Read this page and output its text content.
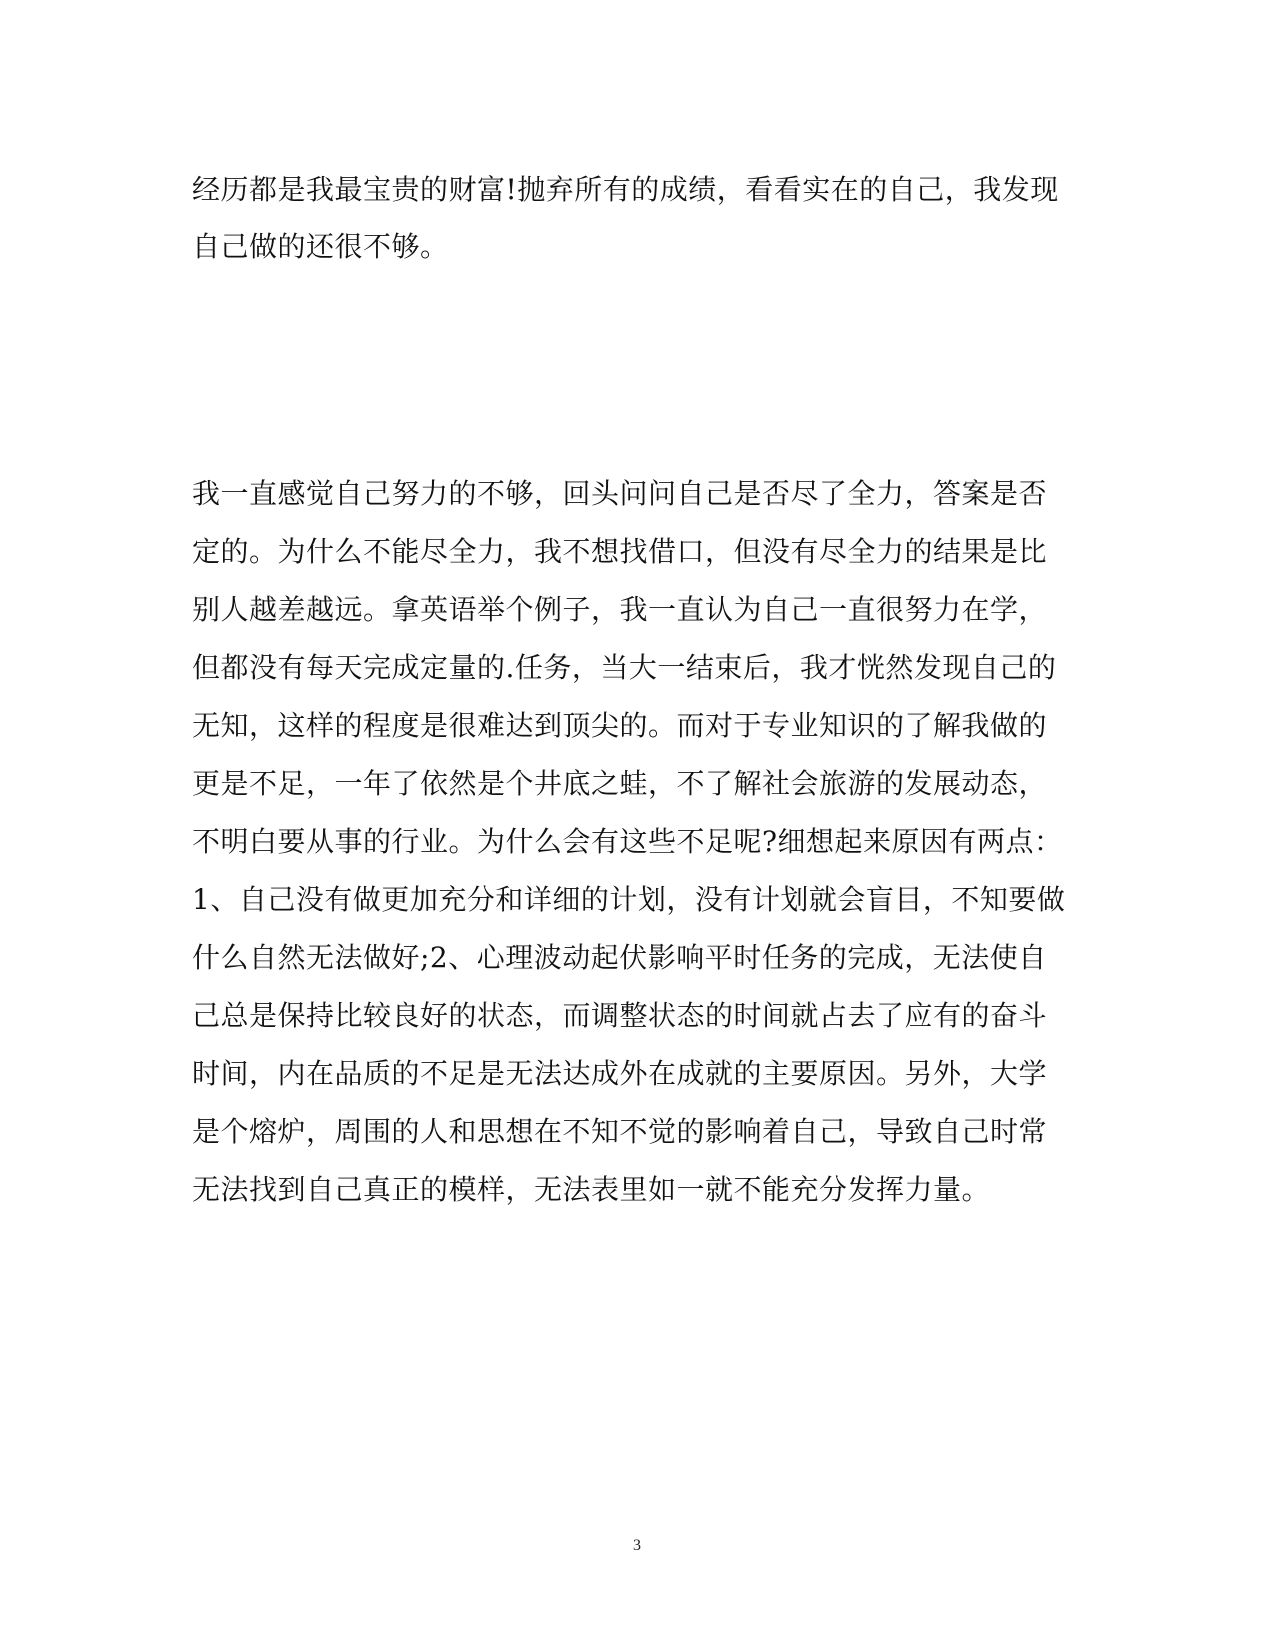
经历都是我最宝贵的财富!抛弃所有的成绩，看看实在的自己，我发现
自己做的还很不够。
我一直感觉自己努力的不够，回头问问自己是否尽了全力，答案是否
定的。为什么不能尽全力，我不想找借口，但没有尽全力的结果是比
别人越差越远。拿英语举个例子，我一直认为自己一直很努力在学，
但都没有每天完成定量的.任务，当大一结束后，我才恍然发现自己的
无知，这样的程度是很难达到顶尖的。而对于专业知识的了解我做的
更是不足，一年了依然是个井底之蛙，不了解社会旅游的发展动态，
不明白要从事的行业。为什么会有这些不足呢?细想起来原因有两点：
1、自己没有做更加充分和详细的计划，没有计划就会盲目，不知要做
什么自然无法做好;2、心理波动起伏影响平时任务的完成，无法使自
己总是保持比较良好的状态，而调整状态的时间就占去了应有的奋斗
时间，内在品质的不足是无法达成外在成就的主要原因。另外，大学
是个熔炉，周围的人和思想在不知不觉的影响着自己，导致自己时常
无法找到自己真正的模样，无法表里如一就不能充分发挥力量。
3
